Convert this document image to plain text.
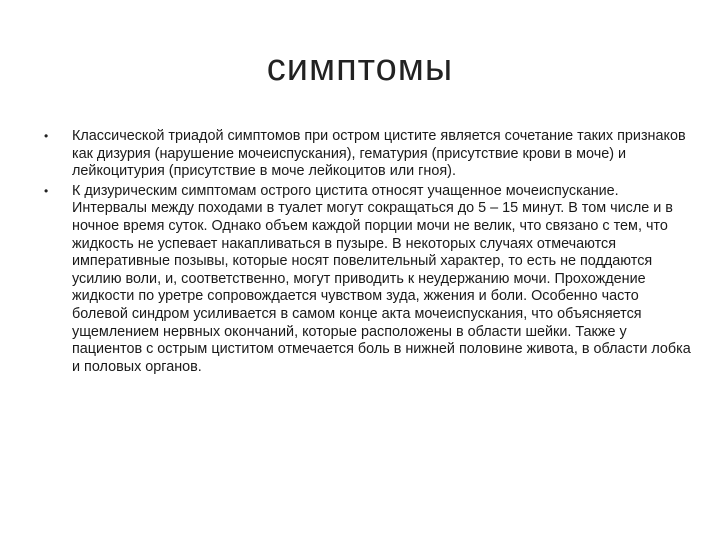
симптомы
•	Классической триадой симптомов при остром цистите является сочетание таких признаков как дизурия (нарушение мочеиспускания), гематурия (присутствие крови в моче) и лейкоцитурия (присутствие в моче лейкоцитов или гноя).
•	К дизурическим симптомам острого цистита относят учащенное мочеиспускание. Интервалы между походами в туалет могут сокращаться до 5 – 15 минут. В том числе и в ночное время суток. Однако объем каждой порции мочи не велик, что связано с тем, что жидкость не успевает накапливаться в пузыре. В некоторых случаях отмечаются императивные позывы, которые носят повелительный характер, то есть не поддаются усилию воли, и, соответственно, могут приводить к неудержанию мочи. Прохождение жидкости по уретре сопровождается чувством зуда, жжения и боли. Особенно часто болевой синдром усиливается в самом конце акта мочеиспускания, что объясняется ущемлением нервных окончаний, которые расположены в области шейки. Также у пациентов с острым циститом отмечается боль в нижней половине живота, в области лобка и половых органов.
